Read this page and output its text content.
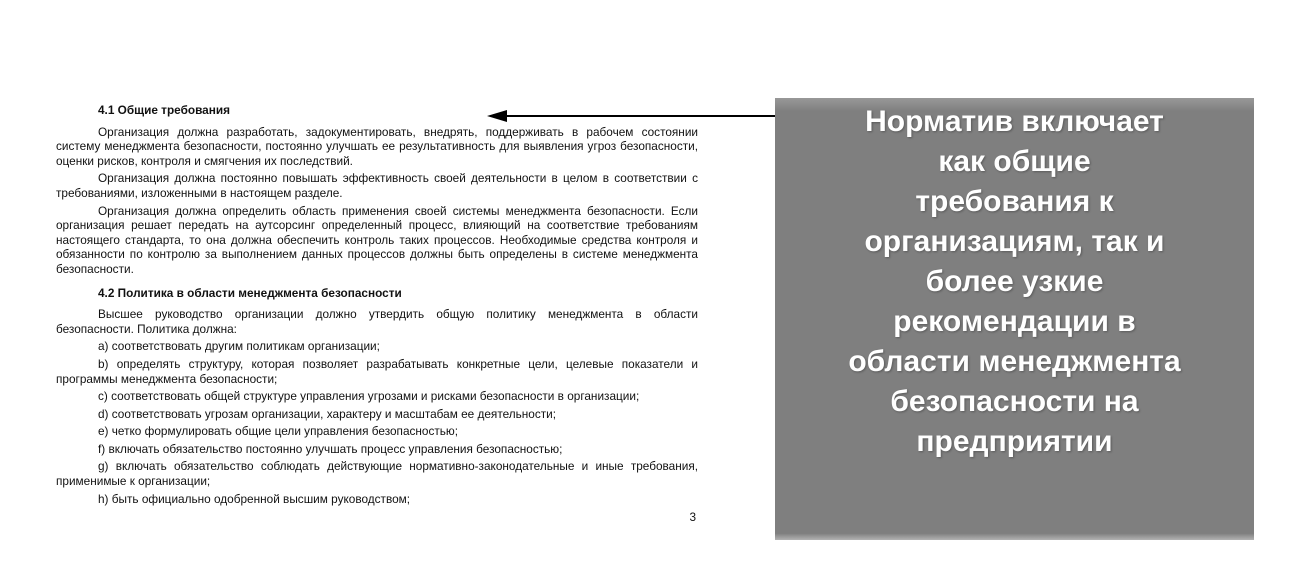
4.1 Общие требования
Организация должна разработать, задокументировать, внедрять, поддерживать в рабочем состоянии систему менеджмента безопасности, постоянно улучшать ее результативность для выявления угроз безопасности, оценки рисков, контроля и смягчения их последствий.
Организация должна постоянно повышать эффективность своей деятельности в целом в соответствии с требованиями, изложенными в настоящем разделе.
Организация должна определить область применения своей системы менеджмента безопасности. Если организация решает передать на аутсорсинг определенный процесс, влияющий на соответствие требованиям настоящего стандарта, то она должна обеспечить контроль таких процессов. Необходимые средства контроля и обязанности по контролю за выполнением данных процессов должны быть определены в системе менеджмента безопасности.
4.2 Политика в области менеджмента безопасности
Высшее руководство организации должно утвердить общую политику менеджмента в области безопасности. Политика должна:
a) соответствовать другим политикам организации;
b) определять структуру, которая позволяет разрабатывать конкретные цели, целевые показатели и программы менеджмента безопасности;
c) соответствовать общей структуре управления угрозами и рисками безопасности в организации;
d) соответствовать угрозам организации, характеру и масштабам ее деятельности;
e) четко формулировать общие цели управления безопасностью;
f) включать обязательство постоянно улучшать процесс управления безопасностью;
g) включать обязательство соблюдать действующие нормативно-законодательные и иные требования, применимые к организации;
h) быть официально одобренной высшим руководством;
3
Норматив включает
как общие
требования к
организациям, так и
более узкие
рекомендации в
области менеджмента
безопасности на
предприятии
